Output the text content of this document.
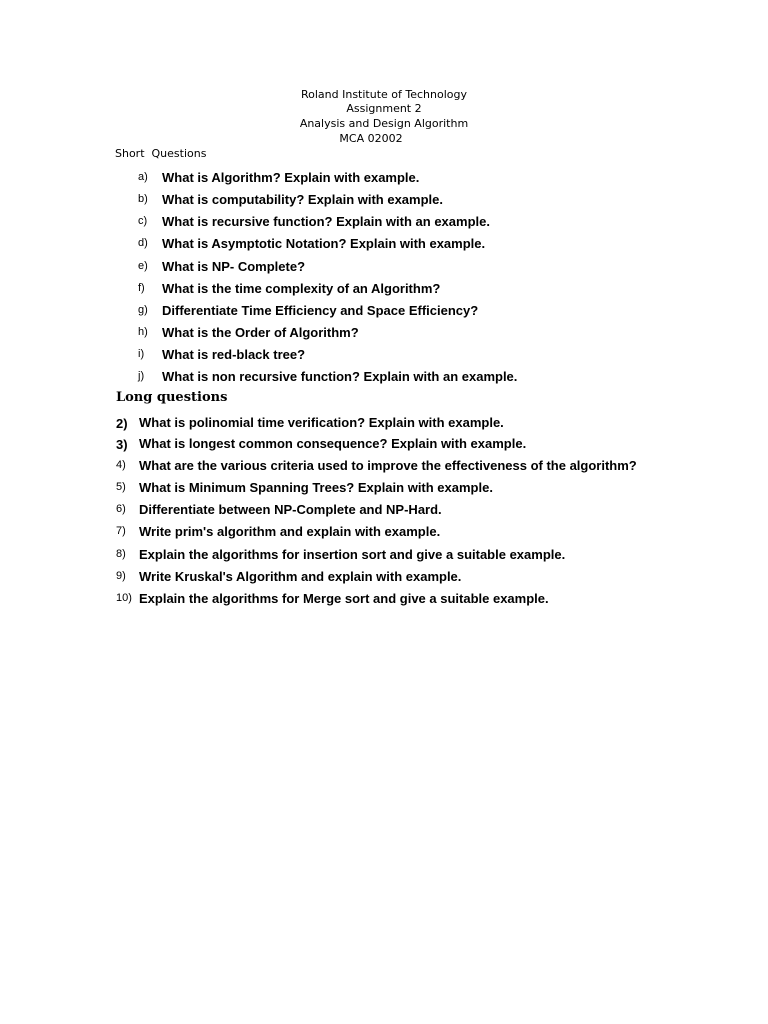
Roland Institute of Technology
Assignment 2
Analysis and Design Algorithm
MCA 02002
Short  Questions
a) What is Algorithm? Explain with example.
b) What is computability? Explain with example.
c) What is recursive function? Explain with an example.
d) What is Asymptotic Notation? Explain with example.
e) What is NP- Complete?
f) What is the time complexity of an Algorithm?
g) Differentiate Time Efficiency and Space Efficiency?
h) What is the Order of Algorithm?
i) What is red-black tree?
j) What is non recursive function? Explain with an example.
Long questions
2) What is polinomial time verification? Explain with example.
3) What is longest common consequence? Explain with example.
4) What are the various criteria used to improve the effectiveness of the algorithm?
5) What is Minimum Spanning Trees? Explain with example.
6) Differentiate between NP-Complete and NP-Hard.
7) Write prim's algorithm and explain with example.
8) Explain the algorithms for insertion sort and give a suitable example.
9) Write Kruskal's Algorithm and explain with example.
10) Explain the algorithms for Merge sort and give a suitable example.
